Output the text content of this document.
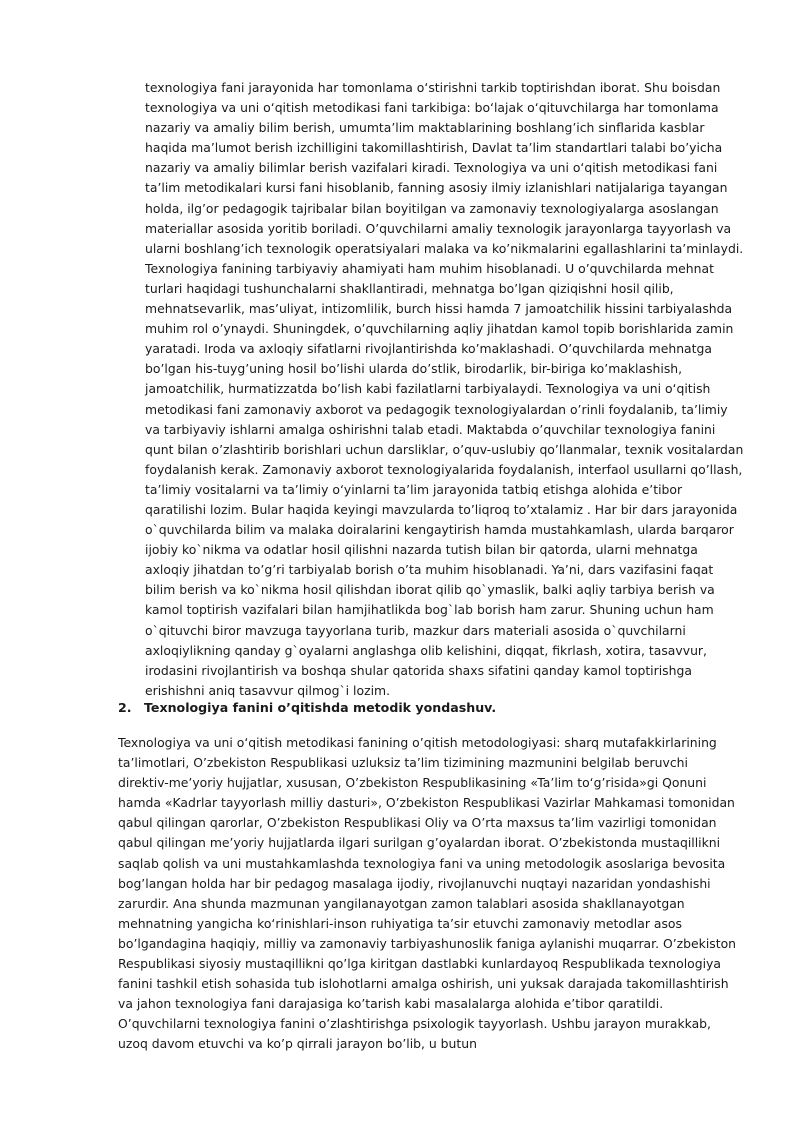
texnologiya fani jarayonida har tomonlama o‘stirishni tarkib toptirishdan iborat. Shu boisdan texnologiya va uni o‘qitish metodikasi fani tarkibiga: bo‘lajak o‘qituvchilarga har tomonlama nazariy va amaliy bilim berish, umumta’lim maktablarining boshlang’ich sinflarida kasblar haqida ma’lumot berish izchilligini takomillashtirish, Davlat ta’lim standartlari talabi bo’yicha nazariy va amaliy bilimlar berish vazifalari kiradi. Texnologiya va uni o‘qitish metodikasi fani ta’lim metodikalari kursi fani hisoblanib, fanning asosiy ilmiy izlanishlari natijalariga tayangan holda, ilg’or pedagogik tajribalar bilan boyitilgan va zamonaviy texnologiyalarga asoslangan materiallar asosida yoritib boriladi. O’quvchilarni amaliy texnologik jarayonlarga tayyorlash va ularni boshlang’ich texnologik operatsiyalari malaka va ko’nikmalarini egallashlarini ta’minlaydi. Texnologiya fanining tarbiyaviy ahamiyati ham muhim hisoblanadi. U o’quvchilarda mehnat turlari haqidagi tushunchalarni shakllantiradi, mehnatga bo’lgan qiziqishni hosil qilib, mehnatsevarlik, mas’uliyat, intizomlilik, burch hissi hamda 7 jamoatchilik hissini tarbiyalashda muhim rol o’ynaydi. Shuningdek, o’quvchilarning aqliy jihatdan kamol topib borishlarida zamin yaratadi. Iroda va axloqiy sifatlarni rivojlantirishda ko’maklashadi. O’quvchilarda mehnatga bo’lgan his-tuyg’uning hosil bo’lishi ularda do’stlik, birodarlik, bir-biriga ko’maklashish, jamoatchilik, hurmatizzatda bo’lish kabi fazilatlarni tarbiyalaydi. Texnologiya va uni o‘qitish metodikasi fani zamonaviy axborot va pedagogik texnologiyalardan o’rinli foydalanib, ta’limiy va tarbiyaviy ishlarni amalga oshirishni talab etadi. Maktabda o’quvchilar texnologiya fanini qunt bilan o’zlashtirib borishlari uchun darsliklar, o’quv-uslubiy qo’llanmalar, texnik vositalardan foydalanish kerak. Zamonaviy axborot texnologiyalarida foydalanish, interfaol usullarni qo’llash, ta’limiy vositalarni va ta’limiy o‘yinlarni ta’lim jarayonida tatbiq etishga alohida e’tibor qaratilishi lozim. Bular haqida keyingi mavzularda to’liqroq to’xtalamiz . Har bir dars jarayonida o`quvchilarda bilim va malaka doiralarini kengaytirish hamda mustahkamlash, ularda barqaror ijobiy ko`nikma va odatlar hosil qilishni nazarda tutish bilan bir qatorda, ularni mehnatga axloqiy jihatdan to’g’ri tarbiyalab borish o’ta muhim hisoblanadi. Ya’ni, dars vazifasini faqat bilim berish va ko`nikma hosil qilishdan iborat qilib qo`ymaslik, balki aqliy tarbiya berish va kamol toptirish vazifalari bilan hamjihatlikda bog`lab borish ham zarur. Shuning uchun ham o`qituvchi biror mavzuga tayyorlana turib, mazkur dars materiali asosida o`quvchilarni axloqiylikning qanday g`oyalarni anglashga olib kelishini, diqqat, fikrlash, xotira, tasavvur, irodasini rivojlantirish va boshqa shular qatorida shaxs sifatini qanday kamol toptirishga erishishni aniq tasavvur qilmog`i lozim.

2. Texnologiya fanini o’qitishda metodik yondashuv.

Texnologiya va uni o‘qitish metodikasi fanining o’qitish metodologiyasi: sharq mutafakkirlarining ta’limotlari, O’zbekiston Respublikasi uzluksiz ta’lim tizimining mazmunini belgilab beruvchi direktiv-me’yoriy hujjatlar, xususan, O’zbekiston Respublikasining «Ta’lim to‘g’risida»gi Qonuni hamda «Kadrlar tayyorlash milliy dasturi», O’zbekiston Respublikasi Vazirlar Mahkamasi tomonidan qabul qilingan qarorlar, O’zbekiston Respublikasi Oliy va O’rta maxsus ta’lim vazirligi tomonidan qabul qilingan me’yoriy hujjatlarda ilgari surilgan g’oyalardan iborat. O’zbekistonda mustaqillikni saqlab qolish va uni mustahkamlashda texnologiya fani va uning metodologik asoslariga bevosita bog’langan holda har bir pedagog masalaga ijodiy, rivojlanuvchi nuqtayi nazaridan yondashishi zarurdir. Ana shunda mazmunan yangilanayotgan zamon talablari asosida shakllanayotgan mehnatning yangicha ko‘rinishlari-inson ruhiyatiga ta’sir etuvchi zamonaviy metodlar asos bo’lgandagina haqiqiy, milliy va zamonaviy tarbiyashunoslik faniga aylanishi muqarrar. O’zbekiston Respublikasi siyosiy mustaqillikni qo’lga kiritgan dastlabki kunlardayoq Respublikada texnologiya fanini tashkil etish sohasida tub islohotlarni amalga oshirish, uni yuksak darajada takomillashtirish va jahon texnologiya fani darajasiga ko’tarish kabi masalalarga alohida e’tibor qaratildi. O’quvchilarni texnologiya fanini o’zlashtirishga psixologik tayyorlash. Ushbu jarayon murakkab, uzoq davom etuvchi va ko’p qirrali jarayon bo’lib, u butun
